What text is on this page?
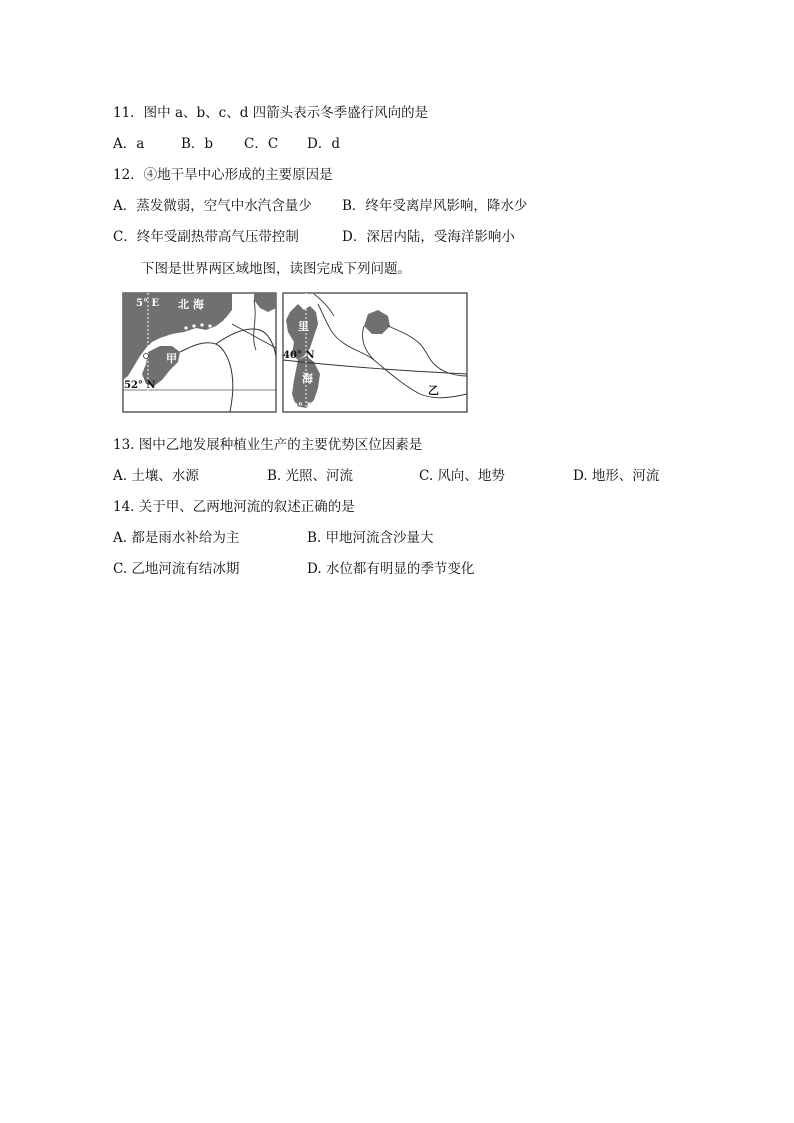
11．图中 a、b、c、d 四箭头表示冬季盛行风向的是
A．a	B．b C．C D．d
12．④地干旱中心形成的主要原因是
A．蒸发微弱，空气中水汽含量少 B．终年受离岸风影响，降水少
C．终年受副热带高气压带控制	D．深居内陆，受海洋影响小
下图是世界两区域地图，读图完成下列问题。
5° E 北 海
甲
52° N
里
40° N
海
50° E
乙
13. 图中乙地发展种植业生产的主要优势区位因素是
A. 土壤、水源	B. 光照、河流	C. 风向、地势	D. 地形、河流
14. 关于甲、乙两地河流的叙述正确的是
A. 都是雨水补给为主	B. 甲地河流含沙量大
C. 乙地河流有结冰期	D. 水位都有明显的季节变化
